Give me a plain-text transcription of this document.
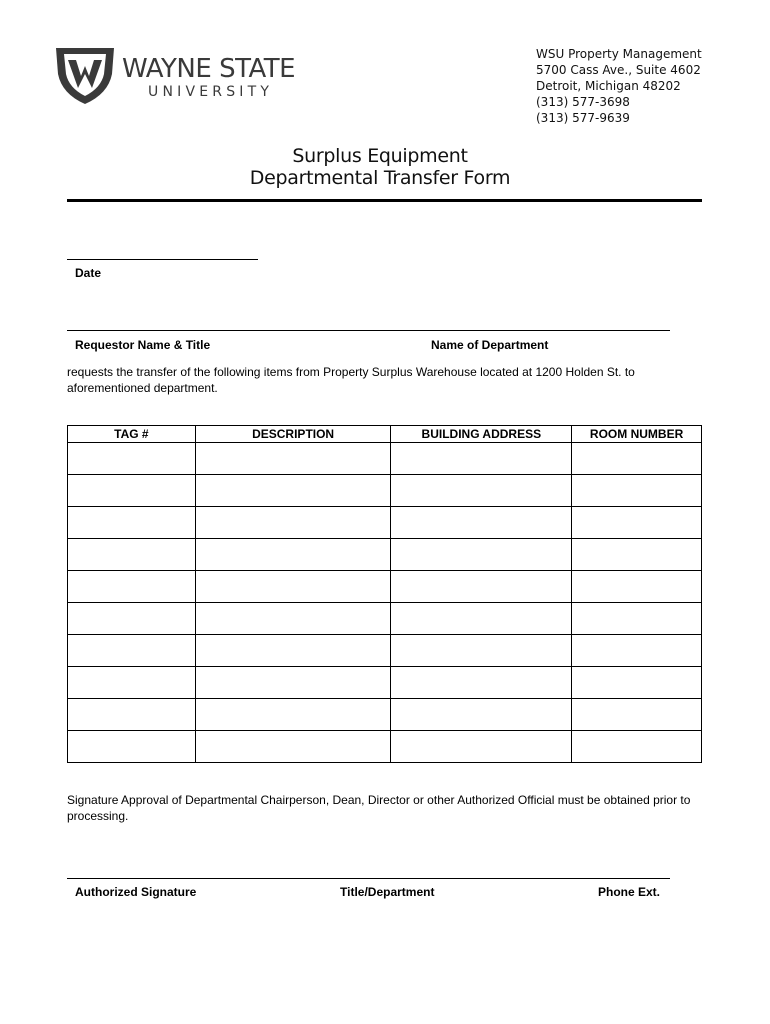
WAYNE STATE
UNIVERSITY
WSU Property Management
5700 Cass Ave., Suite 4602
Detroit, Michigan 48202
(313) 577-3698
(313) 577-9639
Surplus Equipment
Departmental Transfer Form
Date
Requestor Name & Title	Name of Department
requests the transfer of the following items from Property Surplus Warehouse located at 1200 Holden St. to aforementioned department.
TAG #	DESCRIPTION	BUILDING ADDRESS	ROOM NUMBER

Signature Approval of Departmental Chairperson, Dean, Director or other Authorized Official must be obtained prior to processing.
Authorized Signature	Title/Department	Phone Ext.
